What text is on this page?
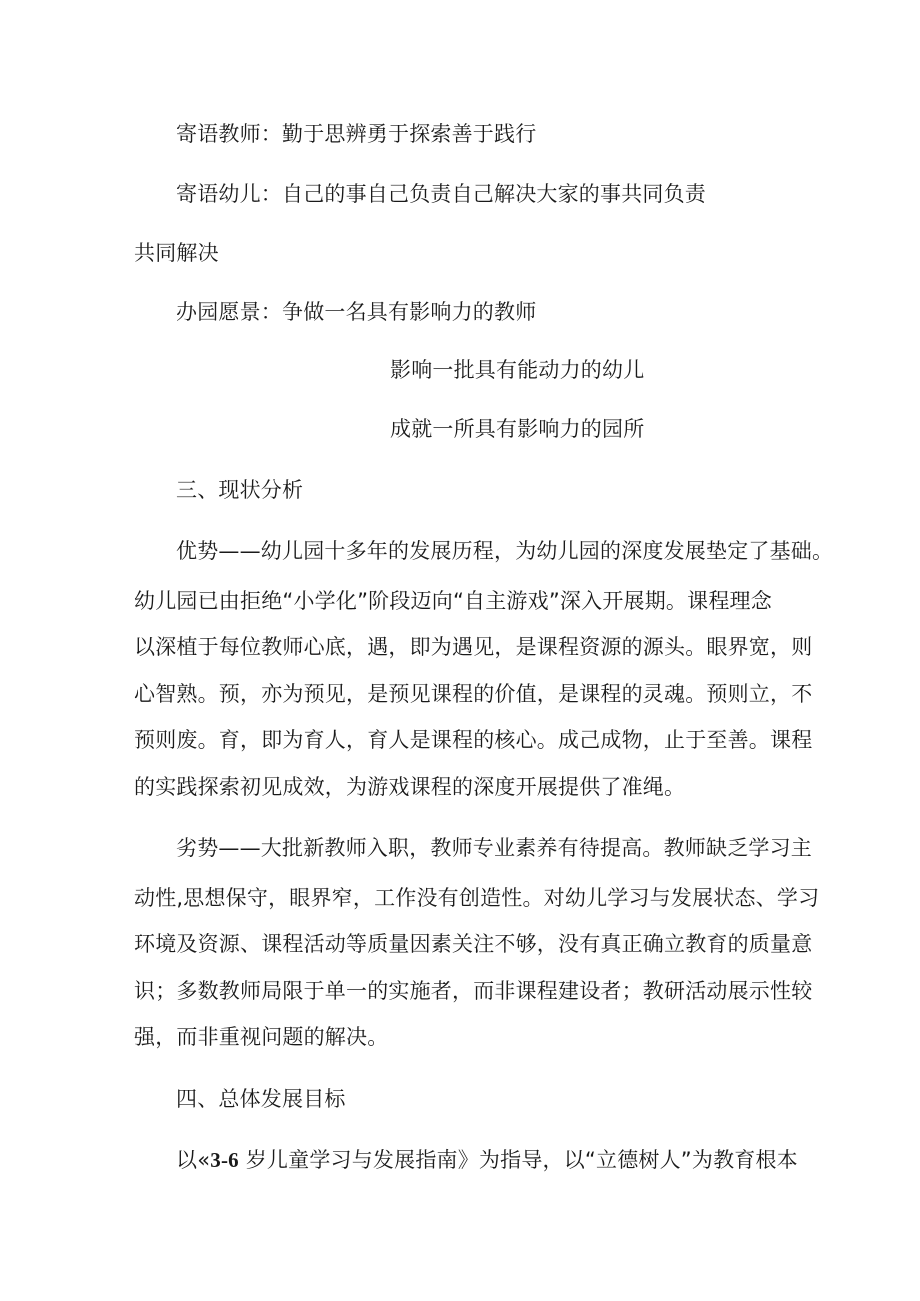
寄语教师：勤于思辨勇于探索善于践行
寄语幼儿：自己的事自己负责自己解决大家的事共同负责
共同解决
办园愿景：争做一名具有影响力的教师
影响一批具有能动力的幼儿
成就一所具有影响力的园所
三、现状分析
优势——幼儿园十多年的发展历程，为幼儿园的深度发展垫定了基础。
幼儿园已由拒绝“小学化”阶段迈向“自主游戏”深入开展期。课程理念
以深植于每位教师心底，遇，即为遇见，是课程资源的源头。眼界宽，则
心智熟。预，亦为预见，是预见课程的价值，是课程的灵魂。预则立，不
预则废。育，即为育人，育人是课程的核心。成己成物，止于至善。课程
的实践探索初见成效，为游戏课程的深度开展提供了准绳。
劣势——大批新教师入职，教师专业素养有待提高。教师缺乏学习主
动性,思想保守，眼界窄，工作没有创造性。对幼儿学习与发展状态、学习
环境及资源、课程活动等质量因素关注不够，没有真正确立教育的质量意
识；多数教师局限于单一的实施者，而非课程建设者；教研活动展示性较
强，而非重视问题的解决。
四、总体发展目标
以«3-6 岁儿童学习与发展指南》为指导，以“立德树人”为教育根本
